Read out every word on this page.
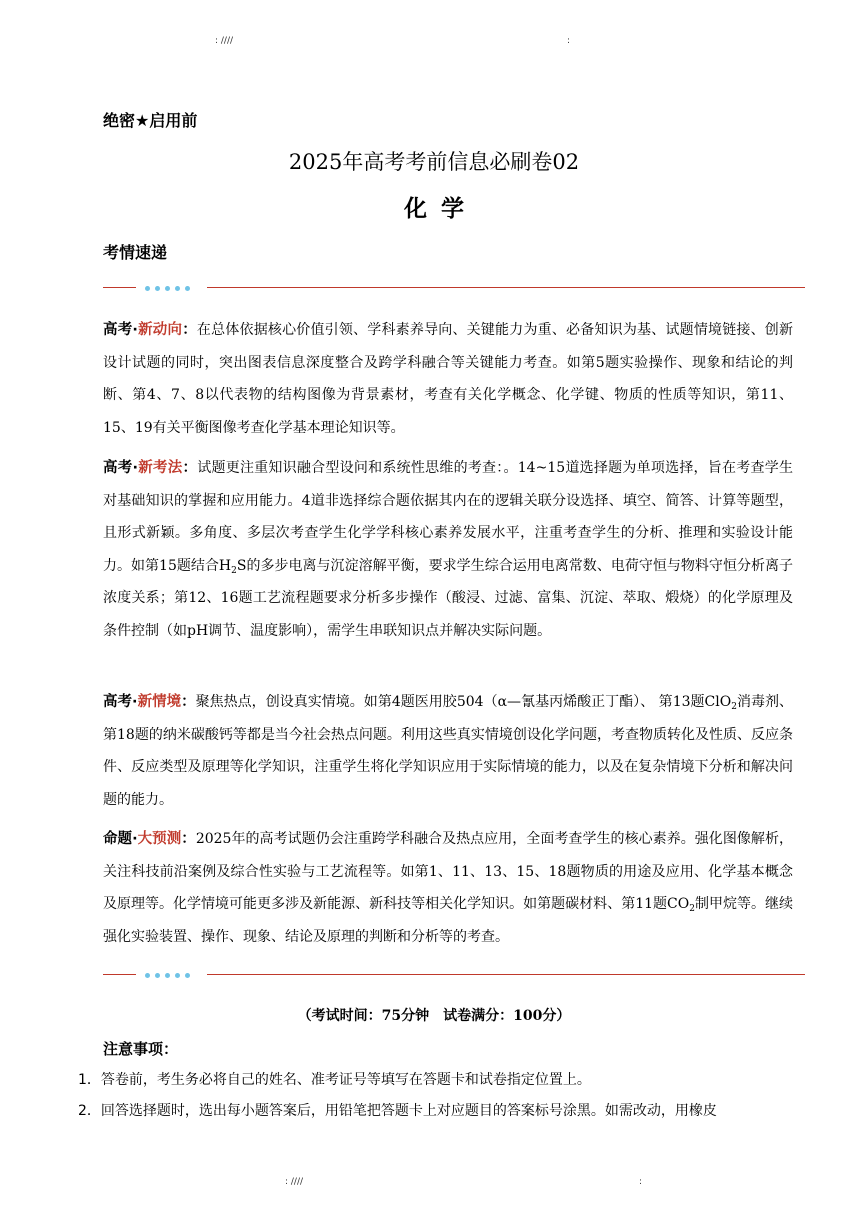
: ////	:
绝密★启用前
2025年高考考前信息必刷卷02
化学
考情速递
高考·新动向：在总体依据核心价值引领、学科素养导向、关键能力为重、必备知识为基、试题情境链接、创新设计试题的同时，突出图表信息深度整合及跨学科融合等关键能力考查。如第5题实验操作、现象和结论的判断、第4、7、8以代表物的结构图像为背景素材，考查有关化学概念、化学键、物质的性质等知识，第11、15、19有关平衡图像考查化学基本理论知识等。
高考·新考法：试题更注重知识融合型设问和系统性思维的考查：。14~15道选择题为单项选择，旨在考查学生对基础知识的掌握和应用能力。4道非选择综合题依据其内在的逻辑关联分设选择、填空、简答、计算等题型，且形式新颖。多角度、多层次考查学生化学学科核心素养发展水平，注重考查学生的分析、推理和实验设计能力。如第15题结合$H_2S$的多步电离与沉淀溶解平衡，要求学生综合运用电离常数、电荷守恒与物料守恒分析离子浓度关系；第12、16题工艺流程题要求分析多步操作（酸浸、过滤、富集、沉淀、萃取、煅烧）的化学原理及条件控制（如pH调节、温度影响），需学生串联知识点并解决实际问题。
高考·新情境：聚焦热点，创设真实情境。如第4题医用胶504（α—氰基丙烯酸正丁酯）、 第13题ClO$_2$消毒剂、第18题的纳米碳酸钙等都是当今社会热点问题。利用这些真实情境创设化学问题，考查物质转化及性质、反应条件、反应类型及原理等化学知识，注重学生将化学知识应用于实际情境的能力，以及在复杂情境下分析和解决问题的能力。
命题·大预测：2025年的高考试题仍会注重跨学科融合及热点应用，全面考查学生的核心素养。强化图像解析，关注科技前沿案例及综合性实验与工艺流程等。如第1、11、13、15、18题物质的用途及应用、化学基本概念及原理等。化学情境可能更多涉及新能源、新科技等相关化学知识。如第题碳材料、第11题$CO_2$制甲烷等。继续强化实验装置、操作、现象、结论及原理的判断和分析等的考查。
（考试时间：75分钟　试卷满分：100分）
注意事项：
1．答卷前，考生务必将自己的姓名、准考证号等填写在答题卡和试卷指定位置上。
2．回答选择题时，选出每小题答案后，用铅笔把答题卡上对应题目的答案标号涂黑。如需改动，用橡皮
: ////	:
